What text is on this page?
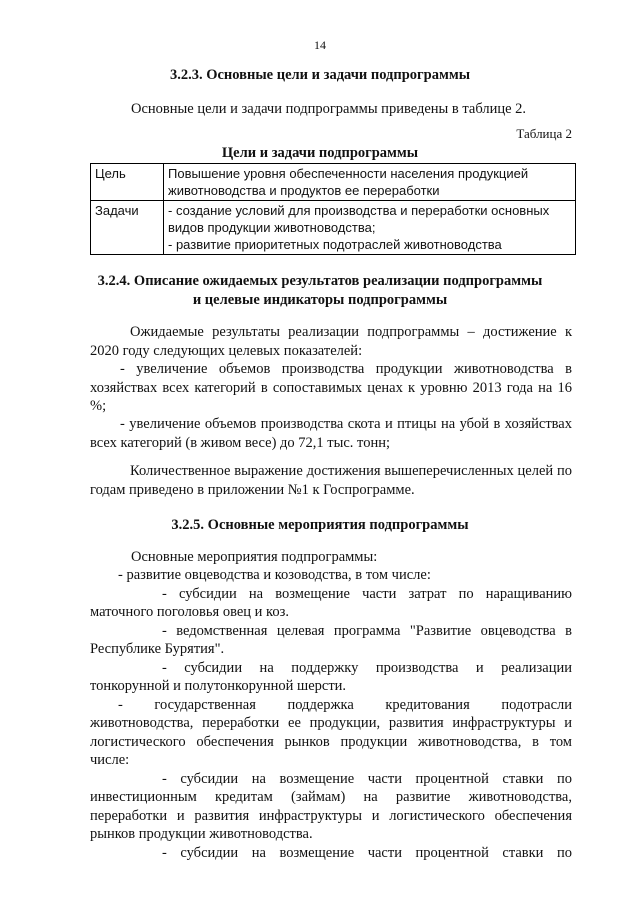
14
3.2.3. Основные цели и задачи подпрограммы
Основные цели и задачи подпрограммы приведены в таблице 2.
Таблица 2
Цели и задачи подпрограммы
Цель	Повышение уровня обеспеченности населения продукцией
животноводства и продуктов ее переработки

Задачи	- создание условий для производства и переработки основных
видов продукции животноводства;
- развитие приоритетных подотраслей животноводства
3.2.4. Описание ожидаемых результатов реализации подпрограммы
и целевые индикаторы подпрограммы

Ожидаемые результаты реализации подпрограммы – достижение к 2020 году следующих целевых показателей:

- увеличение объемов производства продукции животноводства в хозяйствах всех категорий в сопоставимых ценах к уровню 2013 года на 16 %;

- увеличение объемов производства скота и птицы на убой в хозяйствах всех категорий (в живом весе) до 72,1 тыс. тонн;

Количественное выражение достижения вышеперечисленных целей по годам приведено в приложении №1 к Госпрограмме.

3.2.5. Основные мероприятия подпрограммы
Основные мероприятия подпрограммы:
- развитие овцеводства и козоводства, в том числе:
- субсидии на возмещение части затрат по наращиванию
маточного поголовья овец и коз.
- ведомственная целевая программа "Развитие овцеводства в
Республике Бурятия".
- субсидии на поддержку производства и реализации
тонкорунной и полутонкорунной шерсти.
- государственная поддержка кредитования подотрасли
животноводства, переработки ее продукции, развития инфраструктуры и
логистического обеспечения рынков продукции животноводства, в том
числе:
- субсидии на возмещение части процентной ставки по
инвестиционным кредитам (займам) на развитие животноводства,
переработки и развития инфраструктуры и логистического обеспечения
рынков продукции животноводства.
- субсидии на возмещение части процентной ставки по
